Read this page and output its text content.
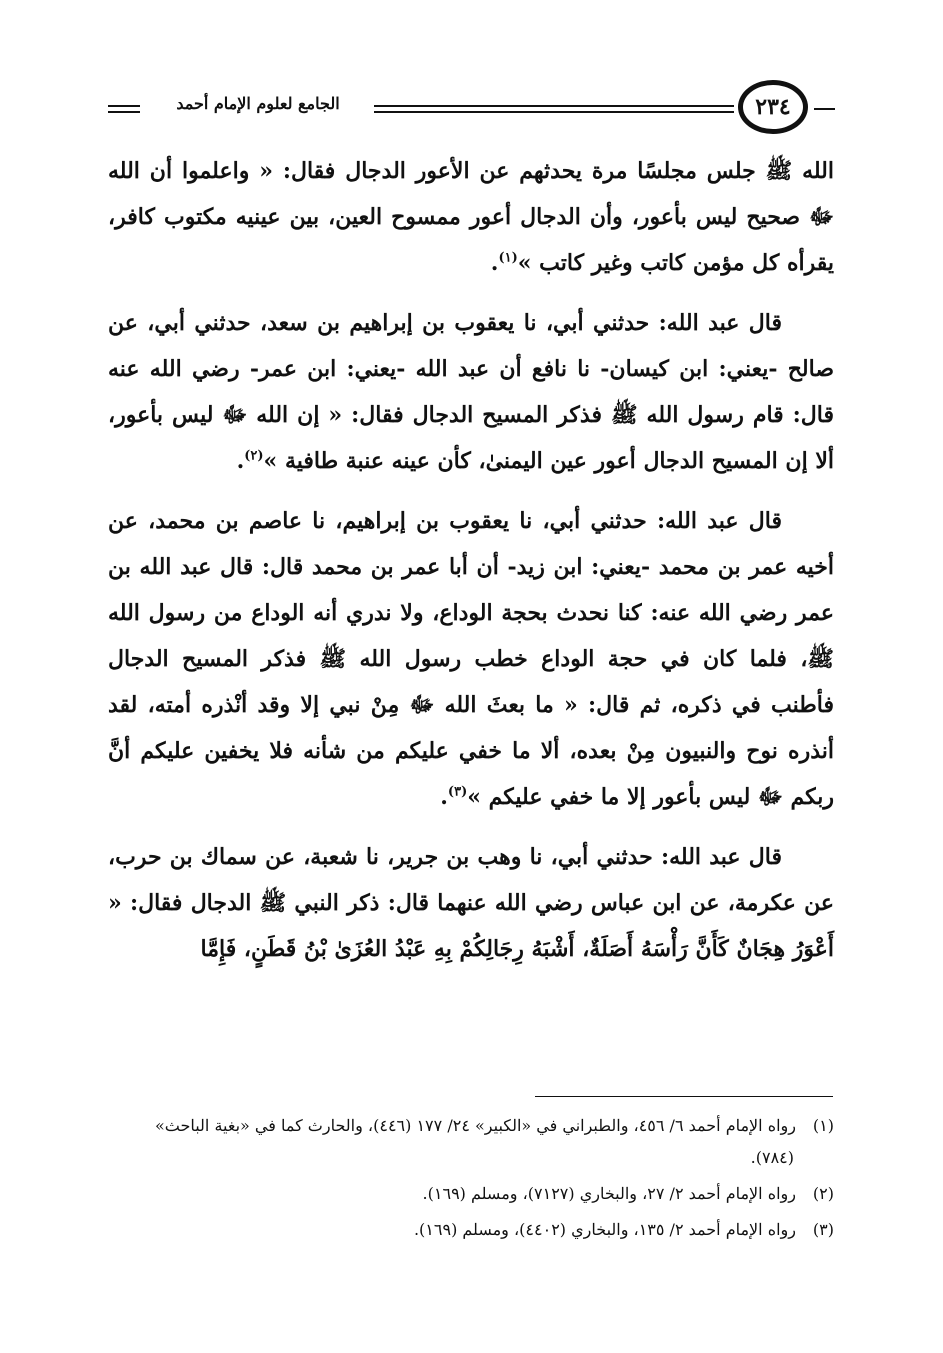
الجامع لعلوم الإمام أحمد	٢٣٤

الله ﷺ جلس مجلسًا مرة يحدثهم عن الأعور الدجال فقال: « واعلموا أن الله ﷻ صحيح ليس بأعور، وأن الدجال أعور ممسوح العين، بين عينيه مكتوب كافر، يقرأه كل مؤمن كاتب وغير كاتب »$^{(١)}$.

قال عبد الله: حدثني أبي، نا يعقوب بن إبراهيم بن سعد، حدثني أبي، عن صالح -يعني: ابن كيسان- نا نافع أن عبد الله -يعني: ابن عمر- رضي الله عنه قال: قام رسول الله ﷺ فذكر المسيح الدجال فقال: « إن الله ﷻ ليس بأعور، ألا إن المسيح الدجال أعور عين اليمنىٰ، كأن عينه عنبة طافية »$^{(٢)}$.

قال عبد الله: حدثني أبي، نا يعقوب بن إبراهيم، نا عاصم بن محمد، عن أخيه عمر بن محمد -يعني: ابن زيد- أن أبا عمر بن محمد قال: قال عبد الله بن عمر رضي الله عنه: كنا نحدث بحجة الوداع، ولا ندري أنه الوداع من رسول الله ﷺ، فلما كان في حجة الوداع خطب رسول الله ﷺ فذكر المسيح الدجال فأطنب في ذكره، ثم قال: « ما بعثَ الله ﷻ مِنْ نبي إلا وقد أنْذره أمته، لقد أنذره نوح والنبيون مِنْ بعده، ألا ما خفي عليكم من شأنه فلا يخفين عليكم أنَّ ربكم ﷻ ليس بأعور إلا ما خفي عليكم »$^{(٣)}$.

قال عبد الله: حدثني أبي، نا وهب بن جرير، نا شعبة، عن سماك بن حرب، عن عكرمة، عن ابن عباس رضي الله عنهما قال: ذكر النبي ﷺ الدجال فقال: « أَعْوَرُ هِجَانٌ كَأَنَّ رَأْسَهُ أَصَلَةٌ، أَشْبَهُ رِجَالِكُمْ بِهِ عَبْدُ العُزَىٰ بْنُ قَطَنٍ، فَإِمَّا

(١)رواه الإمام أحمد ٦/ ٤٥٦، والطبراني في «الكبير» ٢٤/ ١٧٧ (٤٤٦)، والحارث كما في «بغية الباحث» (٧٨٤).

(٢)رواه الإمام أحمد ٢/ ٢٧، والبخاري (٧١٢٧)، ومسلم (١٦٩).

(٣)رواه الإمام أحمد ٢/ ١٣٥، والبخاري (٤٤٠٢)، ومسلم (١٦٩).
